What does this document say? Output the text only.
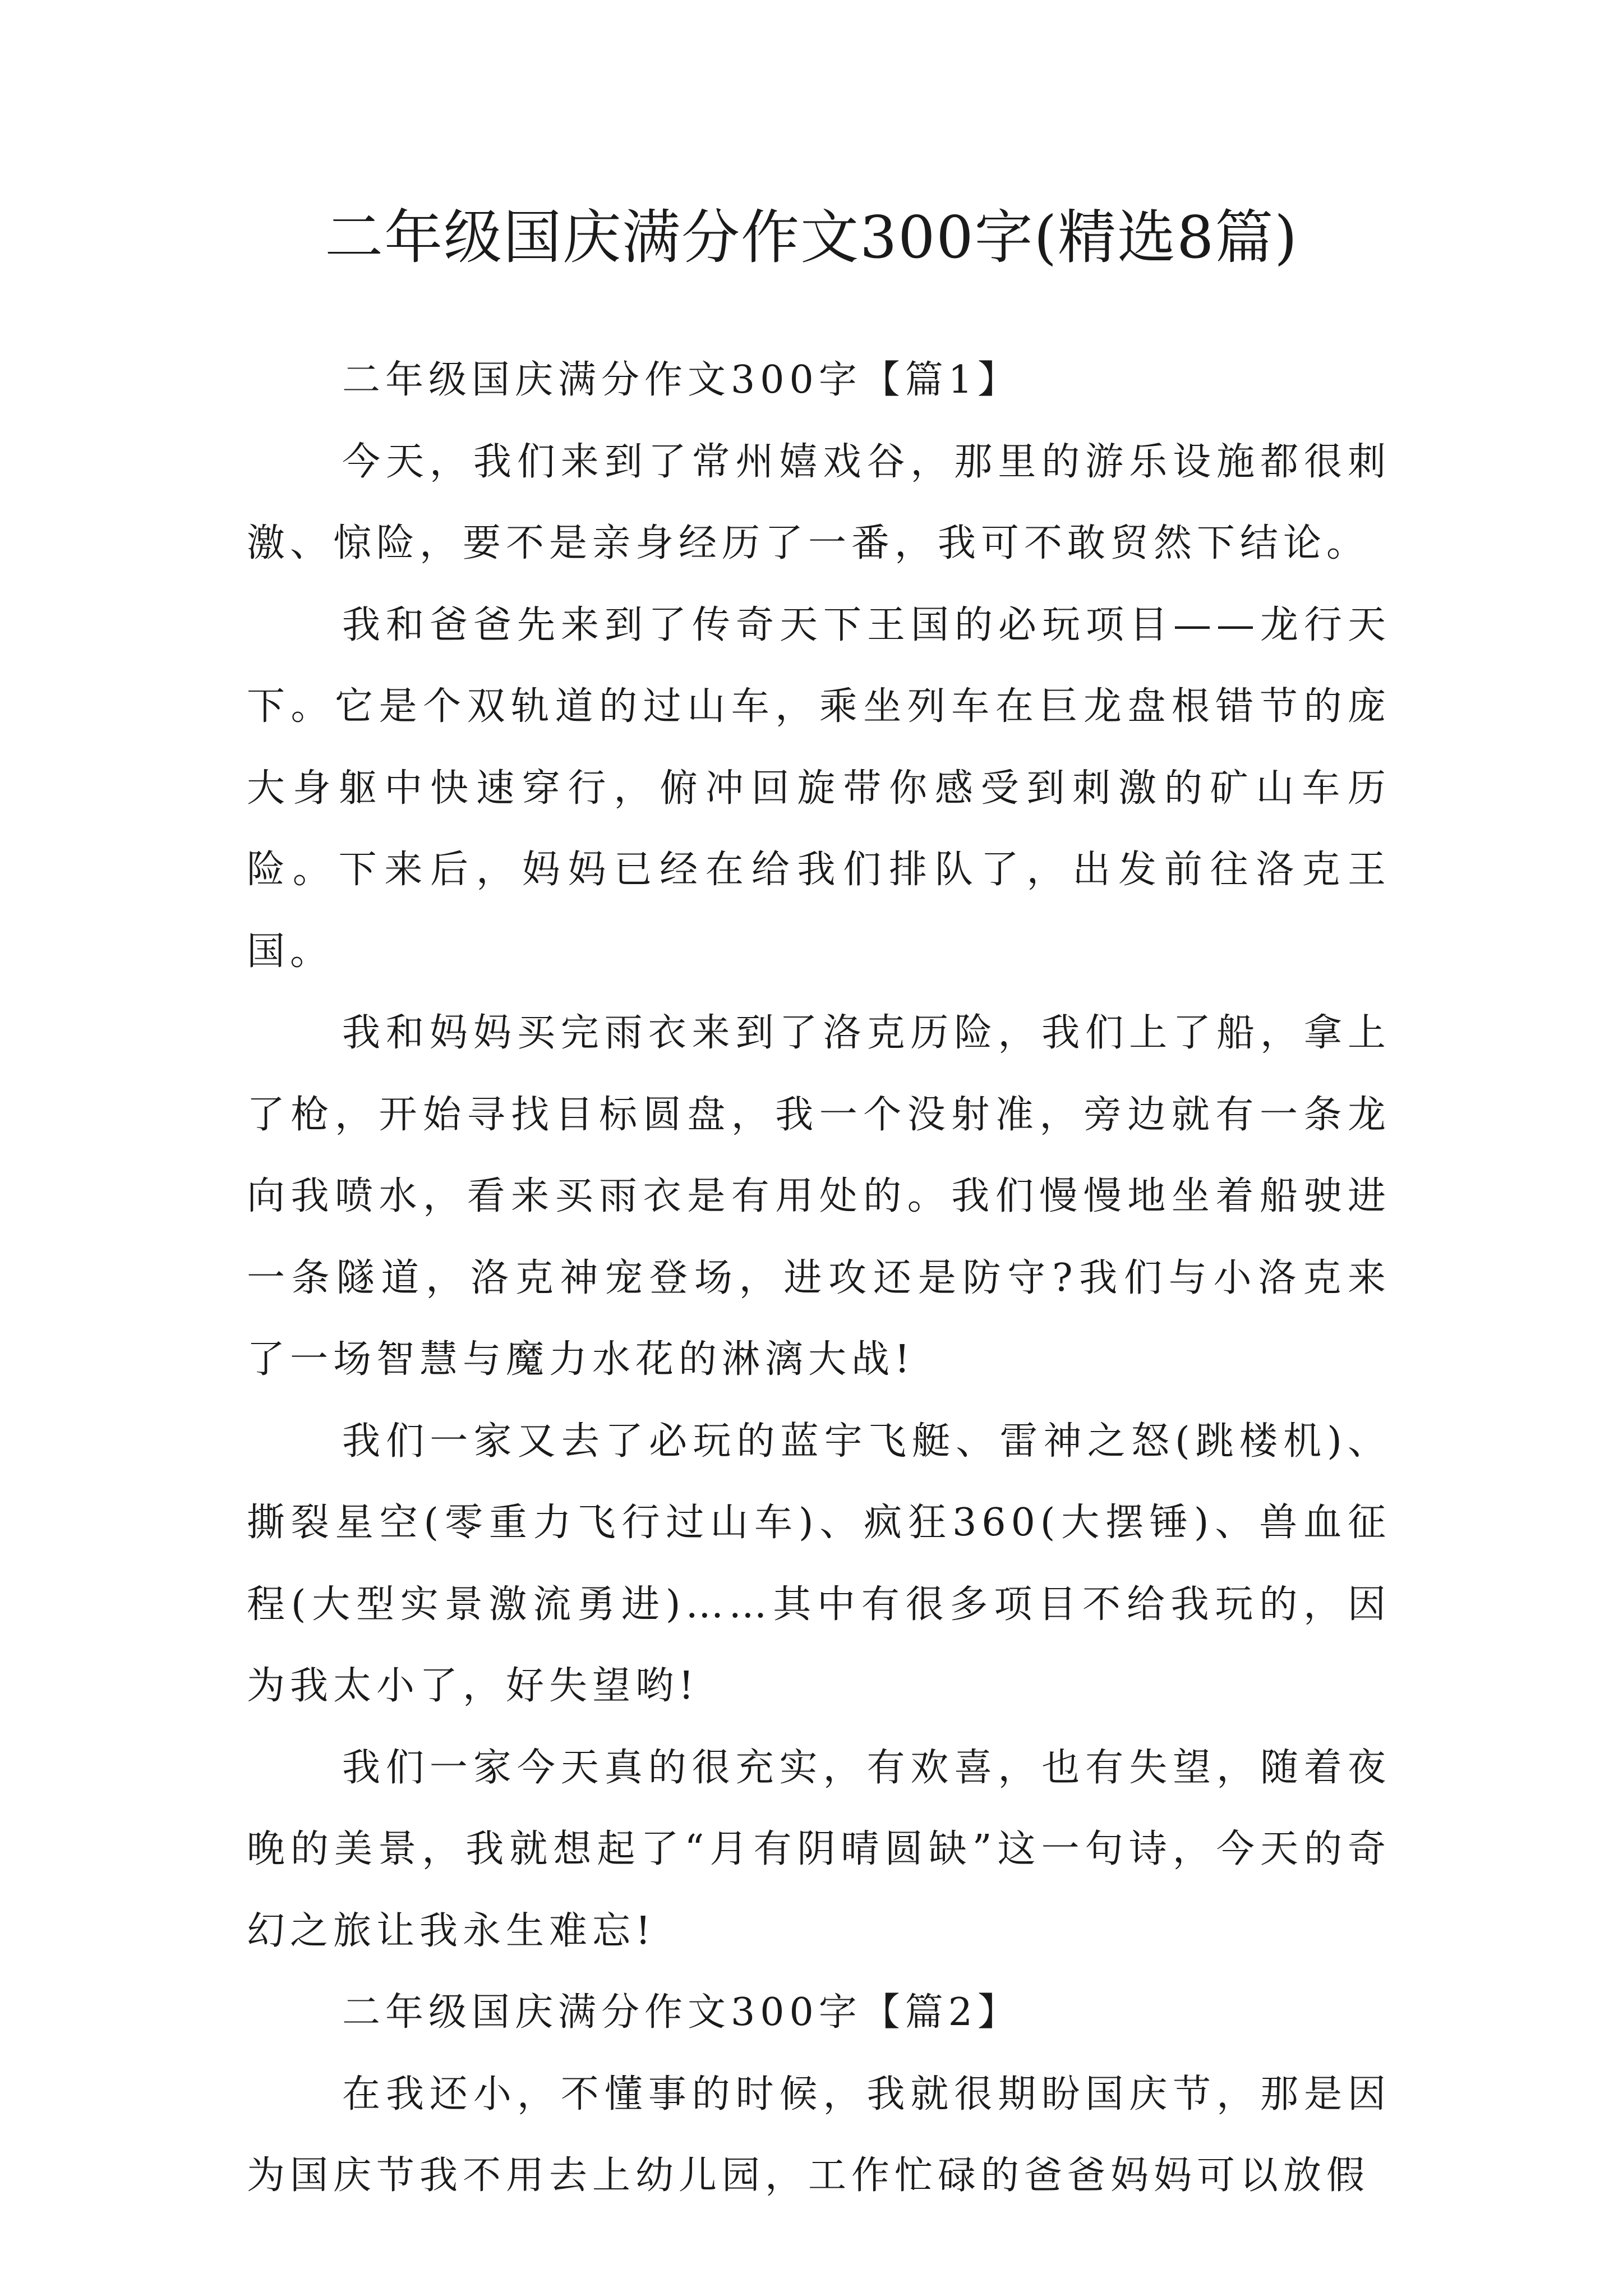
二年级国庆满分作文300字(精选8篇)

二年级国庆满分作文300字【篇1】

今天，我们来到了常州嬉戏谷，那里的游乐设施都很刺激、惊险，要不是亲身经历了一番，我可不敢贸然下结论。

我和爸爸先来到了传奇天下王国的必玩项目——龙行天下。它是个双轨道的过山车，乘坐列车在巨龙盘根错节的庞大身躯中快速穿行，俯冲回旋带你感受到刺激的矿山车历险。下来后，妈妈已经在给我们排队了，出发前往洛克王国。

我和妈妈买完雨衣来到了洛克历险，我们上了船，拿上了枪，开始寻找目标圆盘，我一个没射准，旁边就有一条龙向我喷水，看来买雨衣是有用处的。我们慢慢地坐着船驶进一条隧道，洛克神宠登场，进攻还是防守?我们与小洛克来了一场智慧与魔力水花的淋漓大战!

我们一家又去了必玩的蓝宇飞艇、雷神之怒(跳楼机)、撕裂星空(零重力飞行过山车)、疯狂360(大摆锤)、兽血征程(大型实景激流勇进)……其中有很多项目不给我玩的，因为我太小了，好失望哟!

我们一家今天真的很充实，有欢喜，也有失望，随着夜晚的美景，我就想起了“月有阴晴圆缺”这一句诗，今天的奇幻之旅让我永生难忘!

二年级国庆满分作文300字【篇2】

在我还小，不懂事的时候，我就很期盼国庆节，那是因为国庆节我不用去上幼儿园，工作忙碌的爸爸妈妈可以放假
